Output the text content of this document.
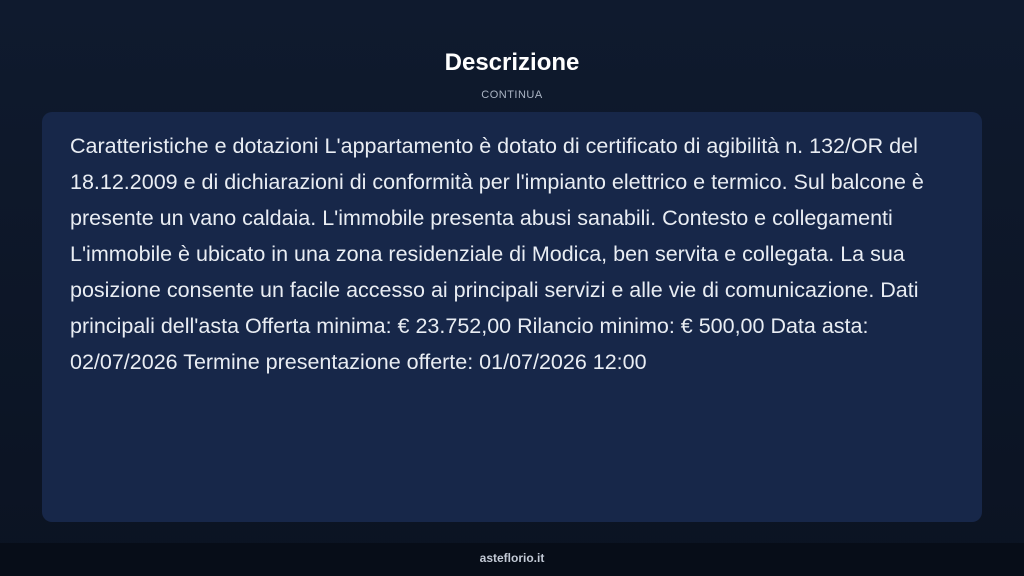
Descrizione
CONTINUA

Caratteristiche e dotazioni L'appartamento è dotato di certificato di agibilità n. 132/OR del 18.12.2009 e di dichiarazioni di conformità per l'impianto elettrico e termico. Sul balcone è presente un vano caldaia. L'immobile presenta abusi sanabili. Contesto e collegamenti L'immobile è ubicato in una zona residenziale di Modica, ben servita e collegata. La sua posizione consente un facile accesso ai principali servizi e alle vie di comunicazione. Dati principali dell'asta Offerta minima: € 23.752,00 Rilancio minimo: € 500,00 Data asta: 02/07/2026 Termine presentazione offerte: 01/07/2026 12:00

asteflorio.it
